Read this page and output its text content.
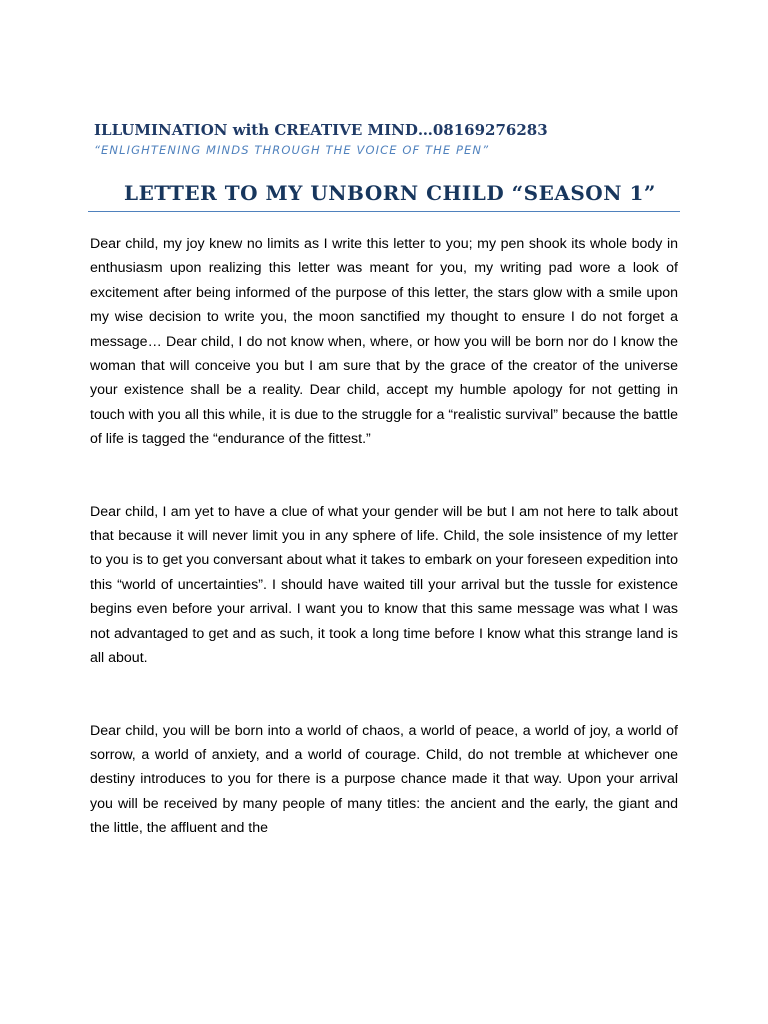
ILLUMINATION with CREATIVE MIND…08169276283

“ENLIGHTENING MINDS THROUGH THE VOICE OF THE PEN”

LETTER TO MY UNBORN CHILD “SEASON 1”

Dear child, my joy knew no limits as I write this letter to you; my pen shook its whole body in enthusiasm upon realizing this letter was meant for you, my writing pad wore a look of excitement after being informed of the purpose of this letter, the stars glow with a smile upon my wise decision to write you, the moon sanctified my thought to ensure I do not forget a message… Dear child, I do not know when, where, or how you will be born nor do I know the woman that will conceive you but I am sure that by the grace of the creator of the universe your existence shall be a reality. Dear child, accept my humble apology for not getting in touch with you all this while, it is due to the struggle for a “realistic survival” because the battle of life is tagged the “endurance of the fittest.”

Dear child, I am yet to have a clue of what your gender will be but I am not here to talk about that because it will never limit you in any sphere of life. Child, the sole insistence of my letter to you is to get you conversant about what it takes to embark on your foreseen expedition into this “world of uncertainties”. I should have waited till your arrival but the tussle for existence begins even before your arrival. I want you to know that this same message was what I was not advantaged to get and as such, it took a long time before I know what this strange land is all about.

Dear child, you will be born into a world of chaos, a world of peace, a world of joy, a world of sorrow, a world of anxiety, and a world of courage. Child, do not tremble at whichever one destiny introduces to you for there is a purpose chance made it that way. Upon your arrival you will be received by many people of many titles: the ancient and the early, the giant and the little, the affluent and the
